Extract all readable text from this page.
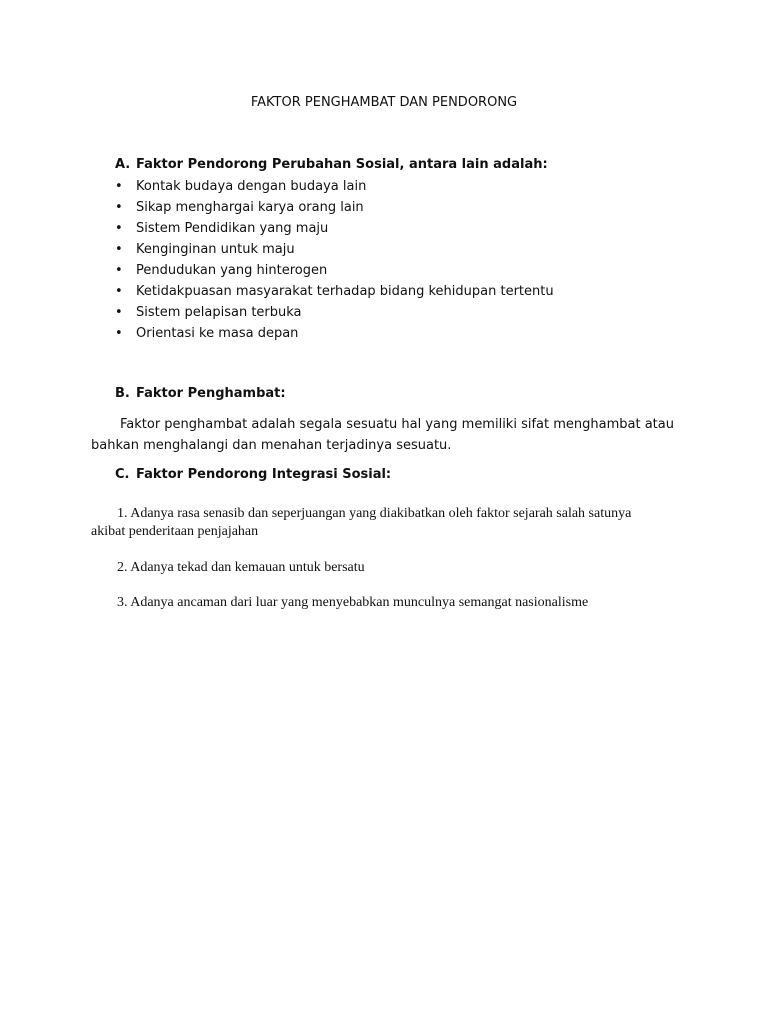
FAKTOR PENGHAMBAT DAN PENDORONG
A. Faktor Pendorong Perubahan Sosial, antara lain adalah:
• Kontak budaya dengan budaya lain
• Sikap menghargai karya orang lain
• Sistem Pendidikan yang maju
• Kenginginan untuk maju
• Pendudukan yang hinterogen
• Ketidakpuasan masyarakat terhadap bidang kehidupan tertentu
• Sistem pelapisan terbuka
• Orientasi ke masa depan
B. Faktor Penghambat:
Faktor penghambat adalah segala sesuatu hal yang memiliki sifat menghambat atau
bahkan menghalangi dan menahan terjadinya sesuatu.
C. Faktor Pendorong Integrasi Sosial:
1. Adanya rasa senasib dan seperjuangan yang diakibatkan oleh faktor sejarah salah satunya
akibat penderitaan penjajahan
2. Adanya tekad dan kemauan untuk bersatu
3. Adanya ancaman dari luar yang menyebabkan munculnya semangat nasionalisme
